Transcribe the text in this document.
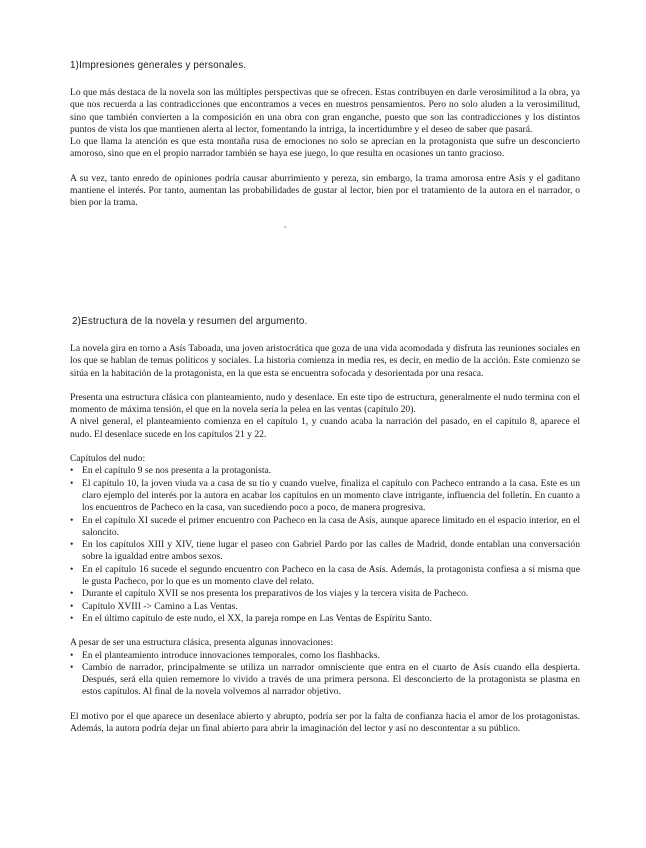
1)Impresiones generales y personales.

Lo que más destaca de la novela son las múltiples perspectivas que se ofrecen. Estas contribuyen en darle verosimilitud a la obra, ya que nos recuerda a las contradicciones que encontramos a veces en nuestros pensamientos. Pero no solo aluden a la verosimilitud, sino que también convierten a la composición en una obra con gran enganche, puesto que son las contradicciones y los distintos puntos de vista los que mantienen alerta al lector, fomentando la intriga, la incertidumbre y el deseo de saber que pasará.

Lo que llama la atención es que esta montaña rusa de emociones no solo se aprecian en la protagonista que sufre un desconcierto amoroso, sino que en el propio narrador también se haya ese juego, lo que resulta en ocasiones un tanto gracioso.

A su vez, tanto enredo de opiniones podría causar aburrimiento y pereza, sin embargo, la trama amorosa entre Asís y el gaditano mantiene el interés. Por tanto, aumentan las probabilidades de gustar al lector, bien por el tratamiento de la autora en el narrador, o bien por la trama.

˜
2)Estructura de la novela y resumen del argumento.

La novela gira en torno a Asís Taboada, una joven aristocrática que goza de una vida acomodada y disfruta las reuniones sociales en los que se hablan de temas políticos y sociales. La historia comienza in media res, es decir, en medio de la acción. Este comienzo se sitúa en la habitación de la protagonista, en la que esta se encuentra sofocada y desorientada por una resaca.

Presenta una estructura clásica con planteamiento, nudo y desenlace. En este tipo de estructura, generalmente el nudo termina con el momento de máxima tensión, el que en la novela sería la pelea en las ventas (capítulo 20).

A nivel general, el planteamiento comienza en el capítulo 1, y cuando acaba la narración del pasado, en el capítulo 8, aparece el nudo. El desenlace sucede en los capítulos 21 y 22.

Capítulos del nudo:

• En el capítulo 9 se nos presenta a la protagonista.
• El capítulo 10, la joven viuda va a casa de su tío y cuando vuelve, finaliza el capítulo con Pacheco entrando a la casa. Este es un claro ejemplo del interés por la autora en acabar los capítulos en un momento clave intrigante, influencia del folletín. En cuanto a los encuentros de Pacheco en la casa, van sucediendo poco a poco, de manera progresiva.
• En el capítulo XI sucede el primer encuentro con Pacheco en la casa de Asís, aunque aparece limitado en el espacio interior, en el saloncito.
• En los capítulos XIII y XIV, tiene lugar el paseo con Gabriel Pardo por las calles de Madrid, donde entablan una conversación sobre la igualdad entre ambos sexos.
• En el capítulo 16 sucede el segundo encuentro con Pacheco en la casa de Asís. Además, la protagonista confiesa a sí misma que le gusta Pacheco, por lo que es un momento clave del relato.
• Durante el capítulo XVII se nos presenta los preparativos de los viajes y la tercera visita de Pacheco.
• Capítulo XVIII -> Camino a Las Ventas.
• En el último capítulo de este nudo, el XX, la pareja rompe en Las Ventas de Espíritu Santo.

A pesar de ser una estructura clásica, presenta algunas innovaciones:

• En el planteamiento introduce innovaciones temporales, como los flashbacks.
• Cambio de narrador, principalmente se utiliza un narrador omnisciente que entra en el cuarto de Asís cuando ella despierta. Después, será ella quien rememore lo vivido a través de una primera persona. El desconcierto de la protagonista se plasma en estos capítulos. Al final de la novela volvemos al narrador objetivo.

El motivo por el que aparece un desenlace abierto y abrupto, podría ser por la falta de confianza hacia el amor de los protagonistas. Además, la autora podría dejar un final abierto para abrir la imaginación del lector y así no descontentar a su público.
